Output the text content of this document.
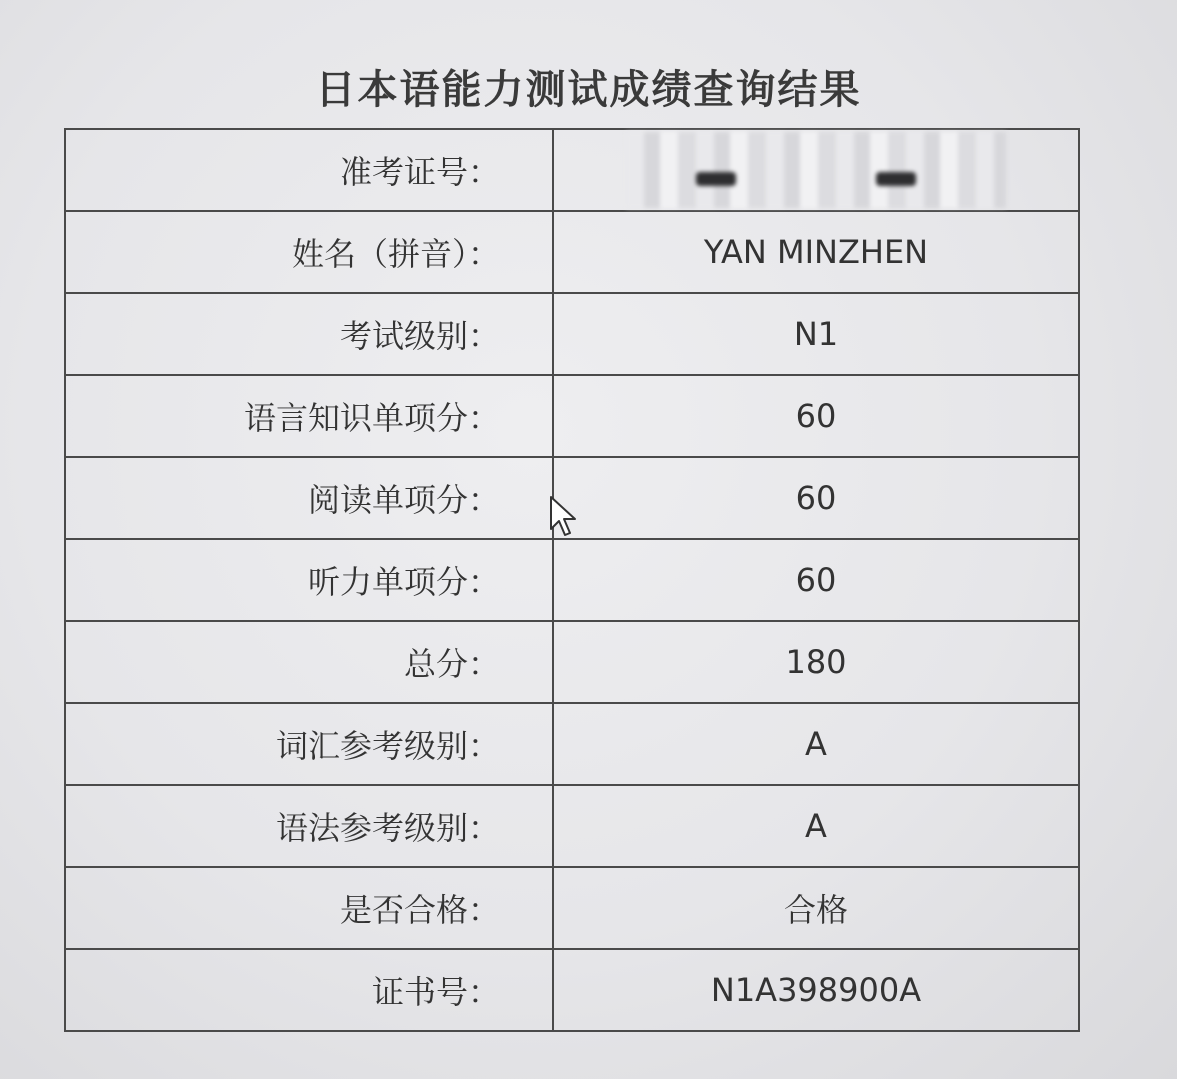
日本语能力测试成绩查询结果
准考证号：	

姓名（拼音）：	YAN MINZHEN
考试级别：	N1
语言知识单项分：	60
阅读单项分：	60
听力单项分：	60
总分：	180
词汇参考级别：	A
语法参考级别：	A
是否合格：	合格
证书号：	N1A398900A
